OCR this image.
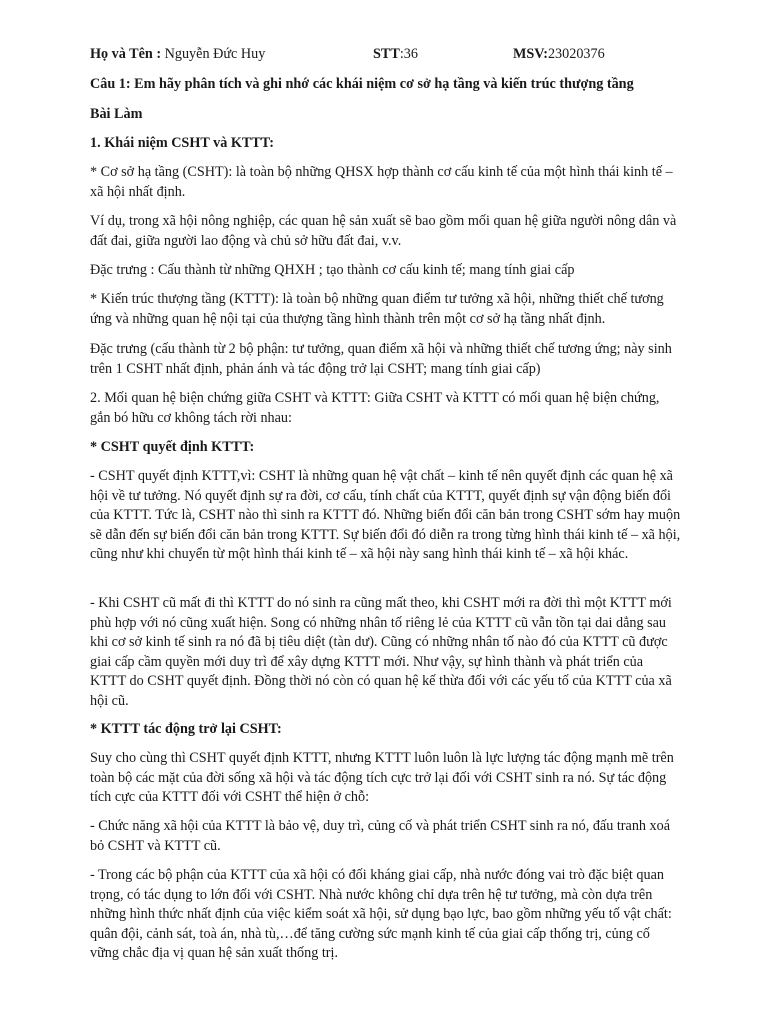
Họ và Tên : Nguyễn Đức Huy	STT:36	MSV:23020376

Câu 1: Em hãy phân tích và ghi nhớ các khái niệm cơ sở hạ tầng và kiến trúc thượng tầng

Bài Làm

1. Khái niệm CSHT và KTTT:

* Cơ sở hạ tầng (CSHT): là toàn bộ những QHSX hợp thành cơ cấu kinh tế của một hình thái kinh tế – xã hội nhất định.

Ví dụ, trong xã hội nông nghiệp, các quan hệ sản xuất sẽ bao gồm mối quan hệ giữa người nông dân và đất đai, giữa người lao động và chủ sở hữu đất đai, v.v.

Đặc trưng : Cấu thành từ những QHXH ; tạo thành cơ cấu kinh tế; mang tính giai cấp

* Kiến trúc thượng tầng (KTTT): là toàn bộ những quan điểm tư tưởng xã hội, những thiết chế tương ứng và những quan hệ nội tại của thượng tầng hình thành trên một cơ sở hạ tầng nhất định.

Đặc trưng (cấu thành từ 2 bộ phận: tư tưởng, quan điểm xã hội và những thiết chế tương ứng; này sinh trên 1 CSHT nhất định, phản ánh và tác động trở lại CSHT; mang tính giai cấp)

2. Mối quan hệ biện chứng giữa CSHT và KTTT: Giữa CSHT và KTTT có mối quan hệ biện chứng, gắn bó hữu cơ không tách rời nhau:

* CSHT quyết định KTTT:

- CSHT quyết định KTTT,vì: CSHT là những quan hệ vật chất – kinh tế nên quyết định các quan hệ xã hội về tư tưởng. Nó quyết định sự ra đời, cơ cấu, tính chất của KTTT, quyết định sự vận động biến đổi của KTTT. Tức là, CSHT nào thì sinh ra KTTT đó. Những biến đổi căn bản trong CSHT sớm hay muộn sẽ dẫn đến sự biến đổi căn bản trong KTTT. Sự biến đổi đó diễn ra trong từng hình thái kinh tế – xã hội, cũng như khi chuyển từ một hình thái kinh tế – xã hội này sang hình thái kinh tế – xã hội khác.

- Khi CSHT cũ mất đi thì KTTT do nó sinh ra cũng mất theo, khi CSHT mới ra đời thì một KTTT mới phù hợp với nó cũng xuất hiện. Song có những nhân tố riêng lẻ của KTTT cũ vẫn tồn tại dai dẳng sau khi cơ sở kinh tế sinh ra nó đã bị tiêu diệt (tàn dư). Cũng có những nhân tố nào đó của KTTT cũ được giai cấp cầm quyền mới duy trì để xây dựng KTTT mới. Như vậy, sự hình thành và phát triển của KTTT do CSHT quyết định. Đồng thời nó còn có quan hệ kế thừa đối với các yếu tố của KTTT của xã hội cũ.

* KTTT tác động trở lại CSHT:

Suy cho cùng thì CSHT quyết định KTTT, nhưng KTTT luôn luôn là lực lượng tác động mạnh mẽ trên toàn bộ các mặt của đời sống xã hội và tác động tích cực trở lại đối với CSHT sinh ra nó. Sự tác động tích cực của KTTT đối với CSHT thể hiện ở chỗ:

- Chức năng xã hội của KTTT là bảo vệ, duy trì, củng cố và phát triển CSHT sinh ra nó, đấu tranh xoá bỏ CSHT và KTTT cũ.

- Trong các bộ phận của KTTT của xã hội có đối kháng giai cấp, nhà nước đóng vai trò đặc biệt quan trọng, có tác dụng to lớn đối với CSHT. Nhà nước không chỉ dựa trên hệ tư tưởng, mà còn dựa trên những hình thức nhất định của việc kiểm soát xã hội, sử dụng bạo lực, bao gồm những yếu tố vật chất: quân đội, cảnh sát, toà án, nhà tù,…để tăng cường sức mạnh kinh tế của giai cấp thống trị, củng cố vững chắc địa vị quan hệ sản xuất thống trị.
